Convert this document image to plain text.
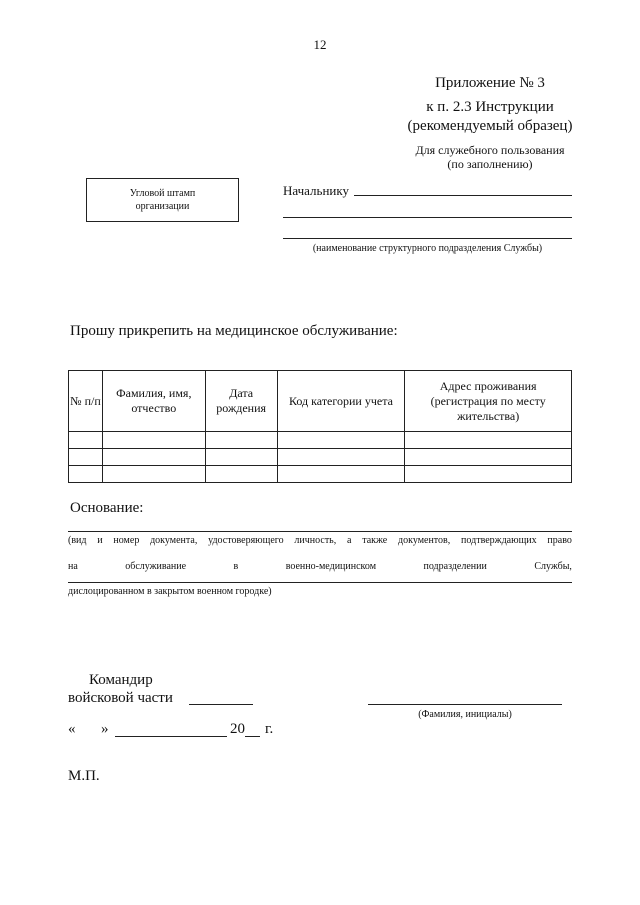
12
Приложение № 3
к п. 2.3 Инструкции
(рекомендуемый образец)
Для служебного пользования
(по заполнению)
Угловой штамп
организации
Начальнику
(наименование структурного подразделения Службы)
Прошу прикрепить на медицинское обслуживание:
№ п/п	Фамилия, имя, отчество	Дата рождения	Код категории учета	Адрес проживания (регистрация по месту жительства)

Основание:
(вид и номер документа, удостоверяющего личность, а также документов, подтверждающих право
на	обслуживание	в	военно-медицинском	подразделении	Службы,
дислоцированном в закрытом военном городке)
Командир
войсковой части
(Фамилия, инициалы)
« »	20 г.
М.П.
